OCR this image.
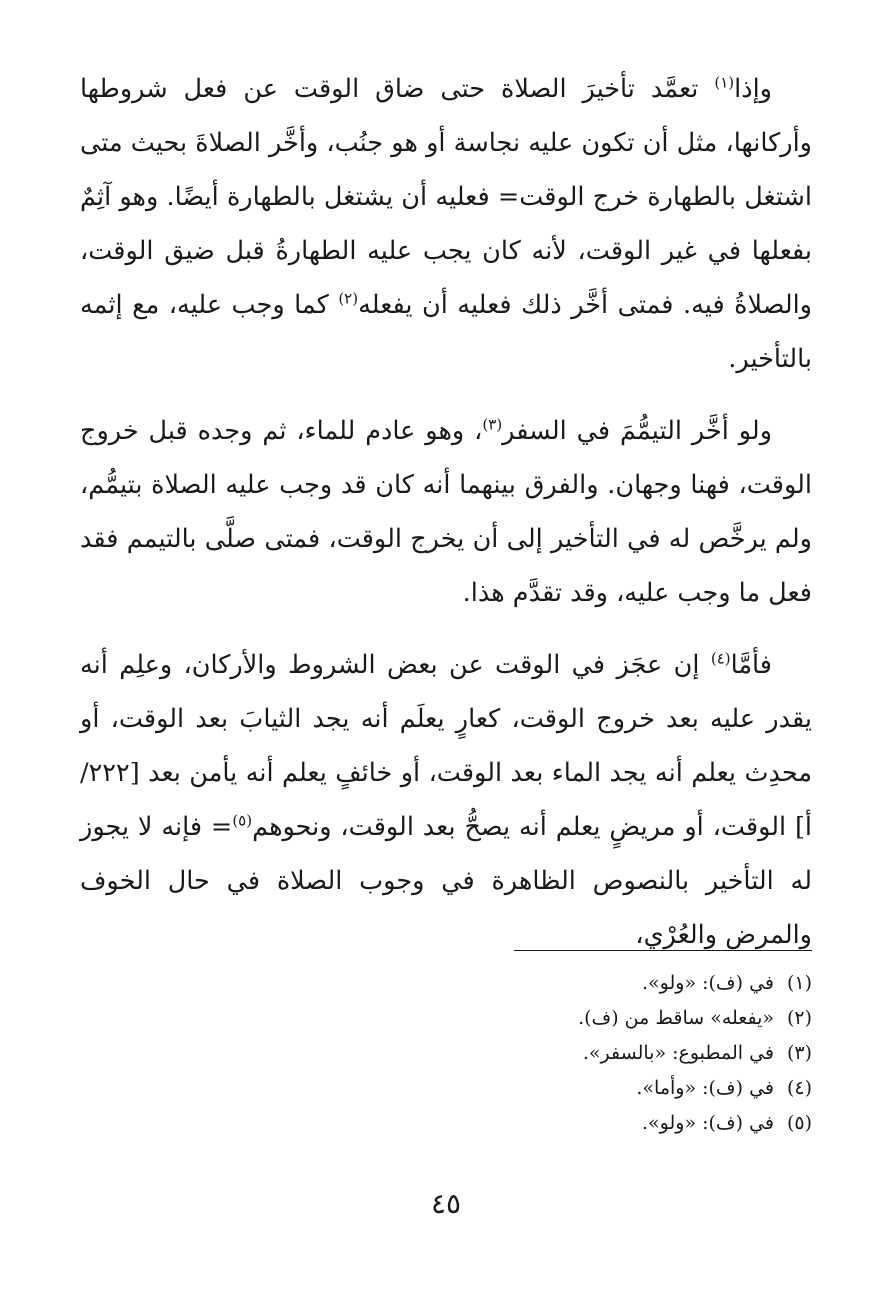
وإذا$^{(١)}$ تعمَّد تأخيرَ الصلاة حتى ضاق الوقت عن فعل شروطها وأركانها، مثل أن تكون عليه نجاسة أو هو جنُب، وأخَّر الصلاةَ بحيث متى اشتغل بالطهارة خرج الوقت= فعليه أن يشتغل بالطهارة أيضًا. وهو آثِمٌ بفعلها في غير الوقت، لأنه كان يجب عليه الطهارةُ قبل ضيق الوقت، والصلاةُ فيه. فمتى أخَّر ذلك فعليه أن يفعله$^{(٢)}$ كما وجب عليه، مع إثمه بالتأخير.

ولو أخَّر التيمُّمَ في السفر$^{(٣)}$، وهو عادم للماء، ثم وجده قبل خروج الوقت، فهنا وجهان. والفرق بينهما أنه كان قد وجب عليه الصلاة بتيمُّم، ولم يرخَّص له في التأخير إلى أن يخرج الوقت، فمتى صلَّى بالتيمم فقد فعل ما وجب عليه، وقد تقدَّم هذا.

فأمَّا$^{(٤)}$ إن عجَز في الوقت عن بعض الشروط والأركان، وعلِم أنه يقدر عليه بعد خروج الوقت، كعارٍ يعلَم أنه يجد الثيابَ بعد الوقت، أو محدِث يعلم أنه يجد الماء بعد الوقت، أو خائفٍ يعلم أنه يأمن بعد [٢٢٢/ أ] الوقت، أو مريضٍ يعلم أنه يصحُّ بعد الوقت، ونحوهم$^{(٥)}$= فإنه لا يجوز له التأخير بالنصوص الظاهرة في وجوب الصلاة في حال الخوف والمرض والعُرْي،

(١)في (ف): «ولو».
(٢)«يفعله» ساقط من (ف).
(٣)في المطبوع: «بالسفر».
(٤)في (ف): «وأما».
(٥)في (ف): «ولو».
٤٥
